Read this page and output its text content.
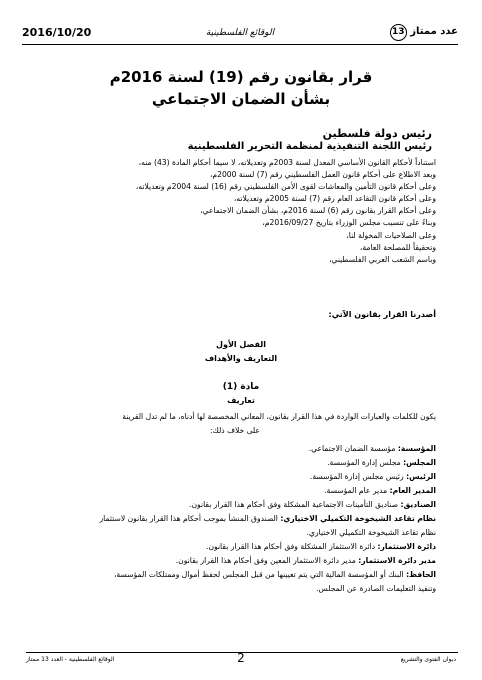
عدد ممتاز 13
الوقائع الفلسطينية
2016/10/20
قرار بقانون رقم (19) لسنة 2016م
بشأن الضمان الاجتماعي
رئيس دولة فلسطين
رئيس اللجنة التنفيذية لمنظمة التحرير الفلسطينية
استناداً لأحكام القانون الأساسي المعدل لسنة 2003م وتعديلاته، لا سيما أحكام المادة (43) منه،
وبعد الاطلاع على أحكام قانون العمل الفلسطيني رقم (7) لسنة 2000م،
وعلى أحكام قانون التأمين والمعاشات لقوى الأمن الفلسطيني رقم (16) لسنة 2004م وتعديلاته،
وعلى أحكام قانون التقاعد العام رقم (7) لسنة 2005م وتعديلاته،
وعلى أحكام القرار بقانون رقم (6) لسنة 2016م، بشأن الضمان الاجتماعي،
وبناءً على تنسيب مجلس الوزراء بتاريخ 2016/09/27م،
وعلى الصلاحيات المخولة لنا،
وتحقيقاً للمصلحة العامة،
وباسم الشعب العربي الفلسطيني،
أصدرنا القرار بقانون الآتي:
الفصل الأول
التعاريف والأهداف
مادة (1)
تعاريف
يكون للكلمات والعبارات الواردة في هذا القرار بقانون، المعاني المخصصة لها أدناه، ما لم تدل القرينة
على خلاف ذلك:
المؤسسة: مؤسسة الضمان الاجتماعي.
المجلس: مجلس إدارة المؤسسة.
الرئيس: رئيس مجلس إدارة المؤسسة.
المدير العام: مدير عام المؤسسة.
الصناديق: صناديق التأمينات الاجتماعية المشكلة وفق أحكام هذا القرار بقانون.
نظام تقاعد الشيخوخة التكميلي الاختياري: الصندوق المنشأ بموجب أحكام هذا القرار بقانون لاستثمار
نظام تقاعد الشيخوخة التكميلي الاختياري.
دائرة الاستثمار: دائرة الاستثمار المشكلة وفق أحكام هذا القرار بقانون.
مدير دائرة الاستثمار: مدير دائرة الاستثمار المعين وفق أحكام هذا القرار بقانون.
الحافظ: البنك أو المؤسسة المالية التي يتم تعيينها من قبل المجلس لحفظ أموال وممتلكات المؤسسة،
وتنفيذ التعليمات الصادرة عن المجلس.
ديوان الفتوى والتشريع
2
الوقائع الفلسطينية - العدد 13 ممتاز
